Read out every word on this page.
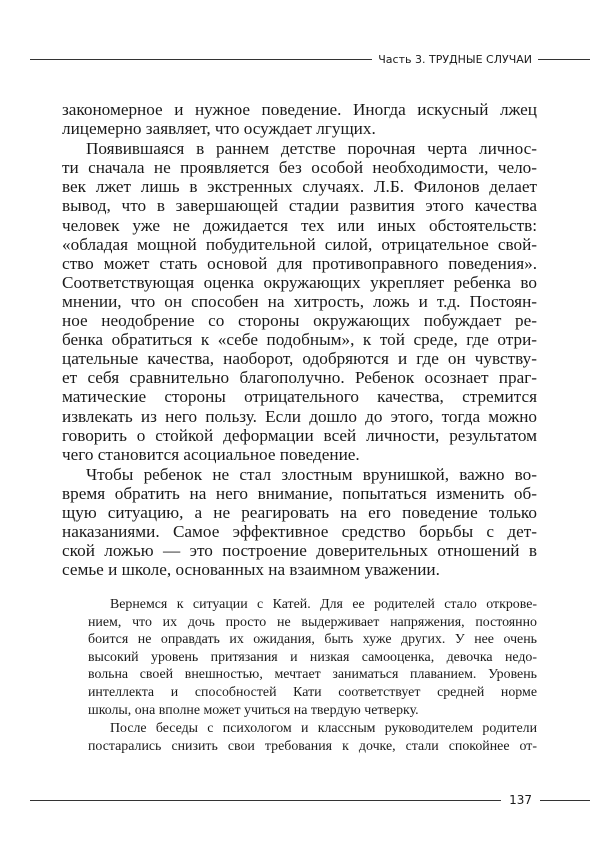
Часть 3. ТРУДНЫЕ СЛУЧАИ
закономерное и нужное поведение. Иногда искусный лжец
лицемерно заявляет, что осуждает лгущих.
Появившаяся в раннем детстве порочная черта личнос-
ти сначала не проявляется без особой необходимости, чело-
век лжет лишь в экстренных случаях. Л.Б. Филонов делает
вывод, что в завершающей стадии развития этого качества
человек уже не дожидается тех или иных обстоятельств:
«обладая мощной побудительной силой, отрицательное свой-
ство может стать основой для противоправного поведения».
Соответствующая оценка окружающих укрепляет ребенка во
мнении, что он способен на хитрость, ложь и т.д. Постоян-
ное неодобрение со стороны окружающих побуждает ре-
бенка обратиться к «себе подобным», к той среде, где отри-
цательные качества, наоборот, одобряются и где он чувству-
ет себя сравнительно благополучно. Ребенок осознает праг-
матические стороны отрицательного качества, стремится
извлекать из него пользу. Если дошло до этого, тогда можно
говорить о стойкой деформации всей личности, результатом
чего становится асоциальное поведение.
Чтобы ребенок не стал злостным врунишкой, важно во-
время обратить на него внимание, попытаться изменить об-
щую ситуацию, а не реагировать на его поведение только
наказаниями. Самое эффективное средство борьбы с дет-
ской ложью — это построение доверительных отношений в
семье и школе, основанных на взаимном уважении.
Вернемся к ситуации с Катей. Для ее родителей стало открове-
нием, что их дочь просто не выдерживает напряжения, постоянно
боится не оправдать их ожидания, быть хуже других. У нее очень
высокий уровень притязания и низкая самооценка, девочка недо-
вольна своей внешностью, мечтает заниматься плаванием. Уровень
интеллекта и способностей Кати соответствует средней норме
школы, она вполне может учиться на твердую четверку.
После беседы с психологом и классным руководителем родители
постарались снизить свои требования к дочке, стали спокойнее от-
137
